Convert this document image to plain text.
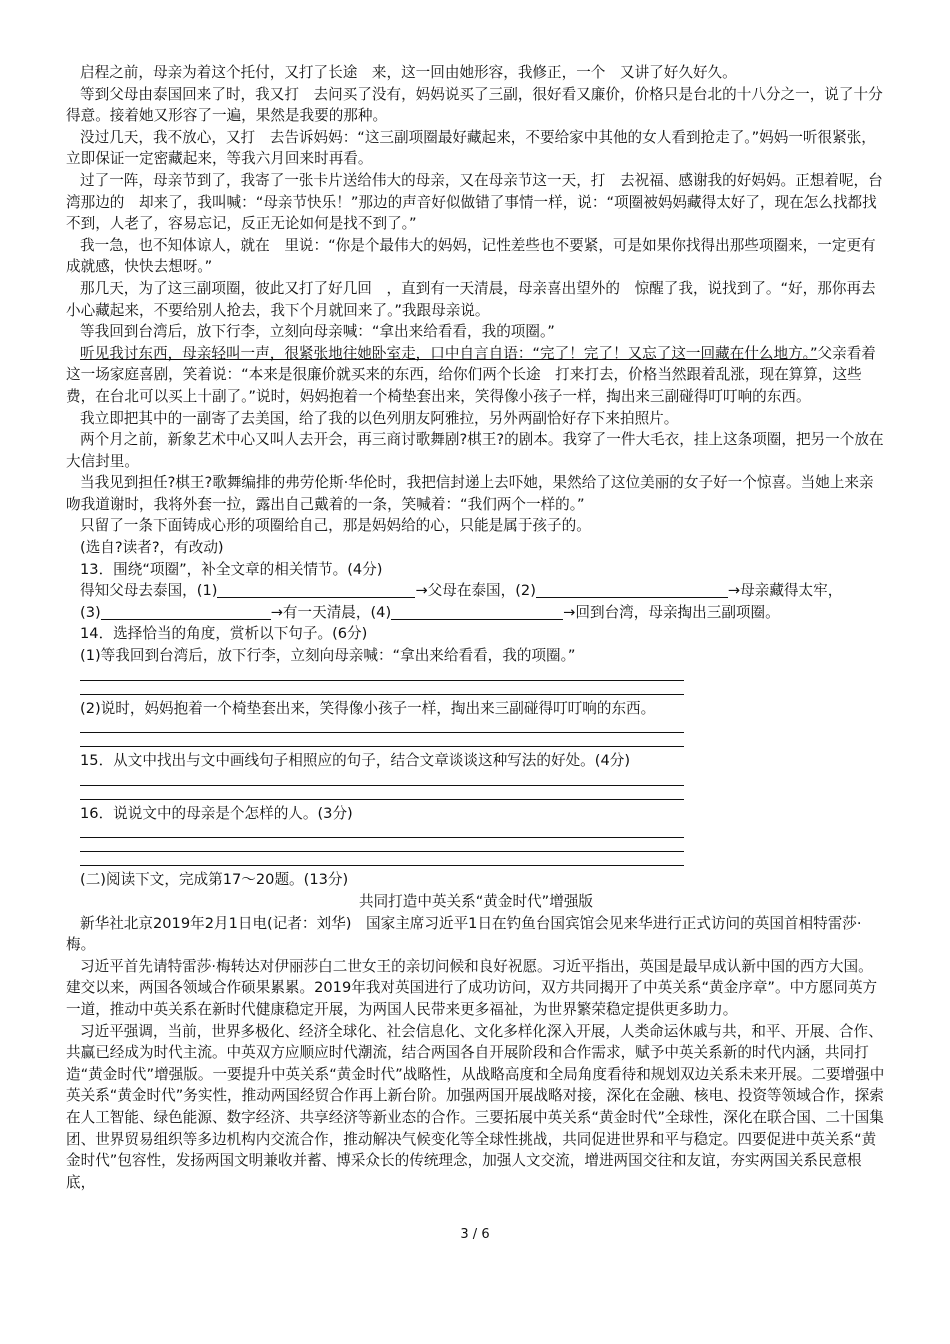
启程之前，母亲为着这个托付，又打了长途　来，这一回由她形容，我修正，一个　又讲了好久好久。

等到父母由泰国回来了时，我又打　去问买了没有，妈妈说买了三副，很好看又廉价，价格只是台北的十八分之一，说了十分得意。接着她又形容了一遍，果然是我要的那种。

没过几天，我不放心，又打　去告诉妈妈：“这三副项圈最好藏起来，不要给家中其他的女人看到抢走了。”妈妈一听很紧张，立即保证一定密藏起来，等我六月回来时再看。

过了一阵，母亲节到了，我寄了一张卡片送给伟大的母亲，又在母亲节这一天，打　去祝福、感谢我的好妈妈。正想着呢，台湾那边的　却来了，我叫喊：“母亲节快乐！”那边的声音好似做错了事情一样，说：“项圈被妈妈藏得太好了，现在怎么找都找不到，人老了，容易忘记，反正无论如何是找不到了。”

我一急，也不知体谅人，就在　里说：“你是个最伟大的妈妈，记性差些也不要紧，可是如果你找得出那些项圈来，一定更有成就感，快快去想呀。”

那几天，为了这三副项圈，彼此又打了好几回　，直到有一天清晨，母亲喜出望外的　惊醒了我，说找到了。“好，那你再去小心藏起来，不要给别人抢去，我下个月就回来了。”我跟母亲说。

等我回到台湾后，放下行李，立刻向母亲喊：“拿出来给看看，我的项圈。”

听见我讨东西，母亲轻叫一声，很紧张地往她卧室走，口中自言自语：“完了！完了！又忘了这一回藏在什么地方。”父亲看着这一场家庭喜剧，笑着说：“本来是很廉价就买来的东西，给你们两个长途　打来打去，价格当然跟着乱涨，现在算算，这些　费，在台北可以买上十副了。”说时，妈妈抱着一个椅垫套出来，笑得像小孩子一样，掏出来三副碰得叮叮响的东西。

我立即把其中的一副寄了去美国，给了我的以色列朋友阿雅拉，另外两副恰好存下来拍照片。

两个月之前，新象艺术中心又叫人去开会，再三商讨歌舞剧?棋王?的剧本。我穿了一件大毛衣，挂上这条项圈，把另一个放在大信封里。

当我见到担任?棋王?歌舞编排的弗劳伦斯·华伦时，我把信封递上去吓她，果然给了这位美丽的女子好一个惊喜。当她上来亲吻我道谢时，我将外套一拉，露出自己戴着的一条，笑喊着：“我们两个一样的。”

只留了一条下面铸成心形的项圈给自己，那是妈妈给的心，只能是属于孩子的。

(选自?读者?，有改动)

13．围绕“项圈”，补全文章的相关情节。(4分)

得知父母去泰国，(1)	→父母在泰国，(2)	→母亲藏得太牢，

(3)	→有一天清晨，(4)	→回到台湾，母亲掏出三副项圈。

14．选择恰当的角度，赏析以下句子。(6分)

(1)等我回到台湾后，放下行李，立刻向母亲喊：“拿出来给看看，我的项圈。”

(2)说时，妈妈抱着一个椅垫套出来，笑得像小孩子一样，掏出来三副碰得叮叮响的东西。

15．从文中找出与文中画线句子相照应的句子，结合文章谈谈这种写法的好处。(4分)

16．说说文中的母亲是个怎样的人。(3分)

(二)阅读下文，完成第17～20题。(13分)

共同打造中英关系“黄金时代”增强版

新华社北京2019年2月1日电(记者：刘华)　国家主席习近平1日在钓鱼台国宾馆会见来华进行正式访问的英国首相特雷莎·梅。

习近平首先请特雷莎·梅转达对伊丽莎白二世女王的亲切问候和良好祝愿。习近平指出，英国是最早成认新中国的西方大国。建交以来，两国各领域合作硕果累累。2019年我对英国进行了成功访问，双方共同揭开了中英关系“黄金序章”。中方愿同英方一道，推动中英关系在新时代健康稳定开展，为两国人民带来更多福祉，为世界繁荣稳定提供更多助力。

习近平强调，当前，世界多极化、经济全球化、社会信息化、文化多样化深入开展，人类命运休戚与共，和平、开展、合作、共赢已经成为时代主流。中英双方应顺应时代潮流，结合两国各自开展阶段和合作需求，赋予中英关系新的时代内涵，共同打造“黄金时代”增强版。一要提升中英关系“黄金时代”战略性，从战略高度和全局角度看待和规划双边关系未来开展。二要增强中英关系“黄金时代”务实性，推动两国经贸合作再上新台阶。加强两国开展战略对接，深化在金融、核电、投资等领域合作，探索在人工智能、绿色能源、数字经济、共享经济等新业态的合作。三要拓展中英关系“黄金时代”全球性，深化在联合国、二十国集团、世界贸易组织等多边机构内交流合作，推动解决气候变化等全球性挑战，共同促进世界和平与稳定。四要促进中英关系“黄金时代”包容性，发扬两国文明兼收并蓄、博采众长的传统理念，加强人文交流，增进两国交往和友谊，夯实两国关系民意根底，

3 / 6
